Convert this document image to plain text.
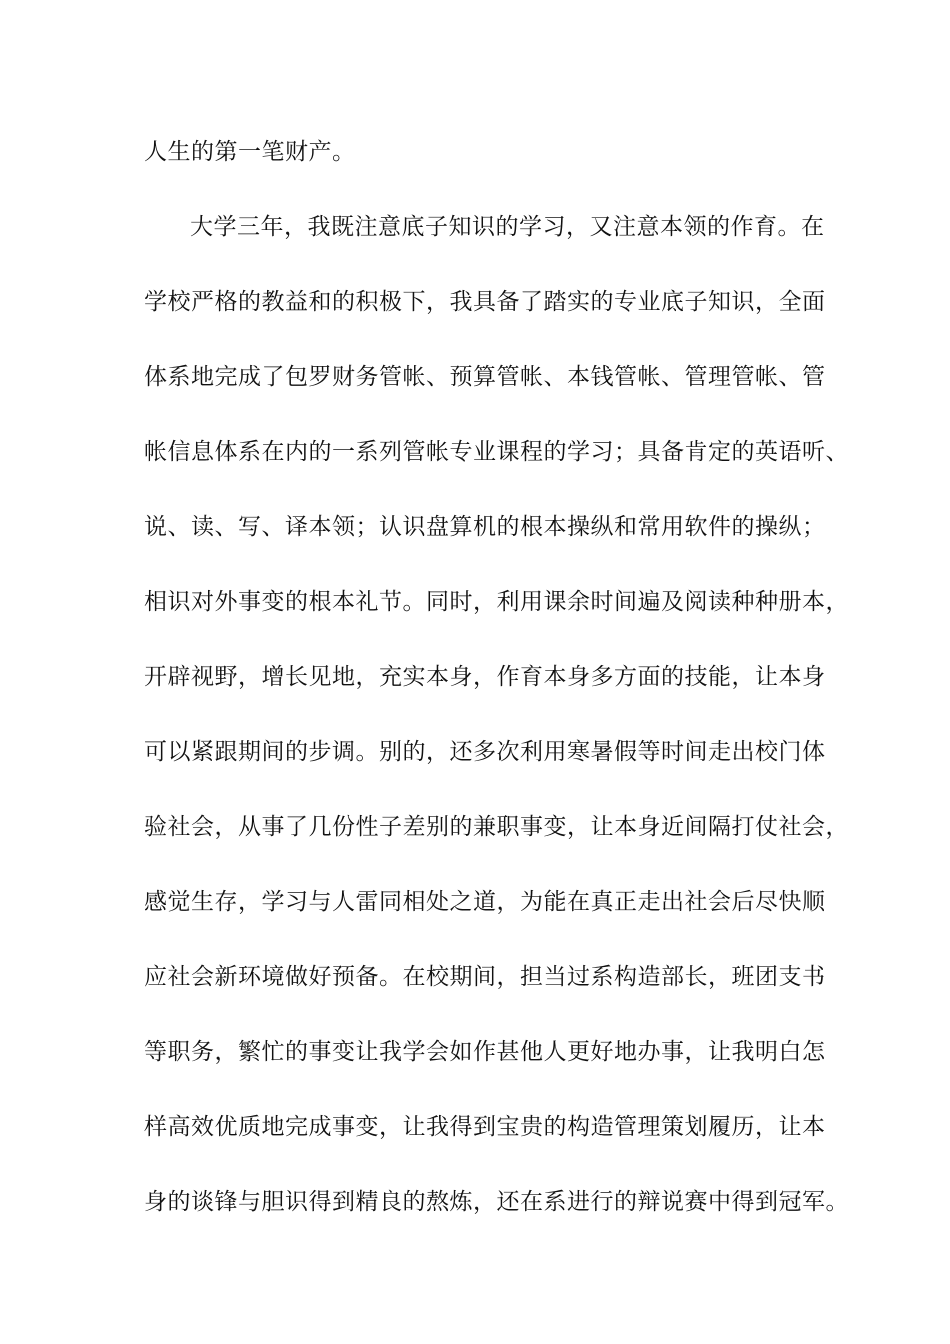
人生的第一笔财产。
大学三年，我既注意底子知识的学习，又注意本领的作育。在
学校严格的教益和的积极下，我具备了踏实的专业底子知识，全面
体系地完成了包罗财务管帐、预算管帐、本钱管帐、管理管帐、管
帐信息体系在内的一系列管帐专业课程的学习；具备肯定的英语听、
说、读、写、译本领；认识盘算机的根本操纵和常用软件的操纵；
相识对外事变的根本礼节。同时，利用课余时间遍及阅读种种册本，
开辟视野，增长见地，充实本身，作育本身多方面的技能，让本身
可以紧跟期间的步调。别的，还多次利用寒暑假等时间走出校门体
验社会，从事了几份性子差别的兼职事变，让本身近间隔打仗社会，
感觉生存，学习与人雷同相处之道，为能在真正走出社会后尽快顺
应社会新环境做好预备。在校期间，担当过系构造部长，班团支书
等职务，繁忙的事变让我学会如作甚他人更好地办事，让我明白怎
样高效优质地完成事变，让我得到宝贵的构造管理策划履历，让本
身的谈锋与胆识得到精良的熬炼，还在系进行的辩说赛中得到冠军。
